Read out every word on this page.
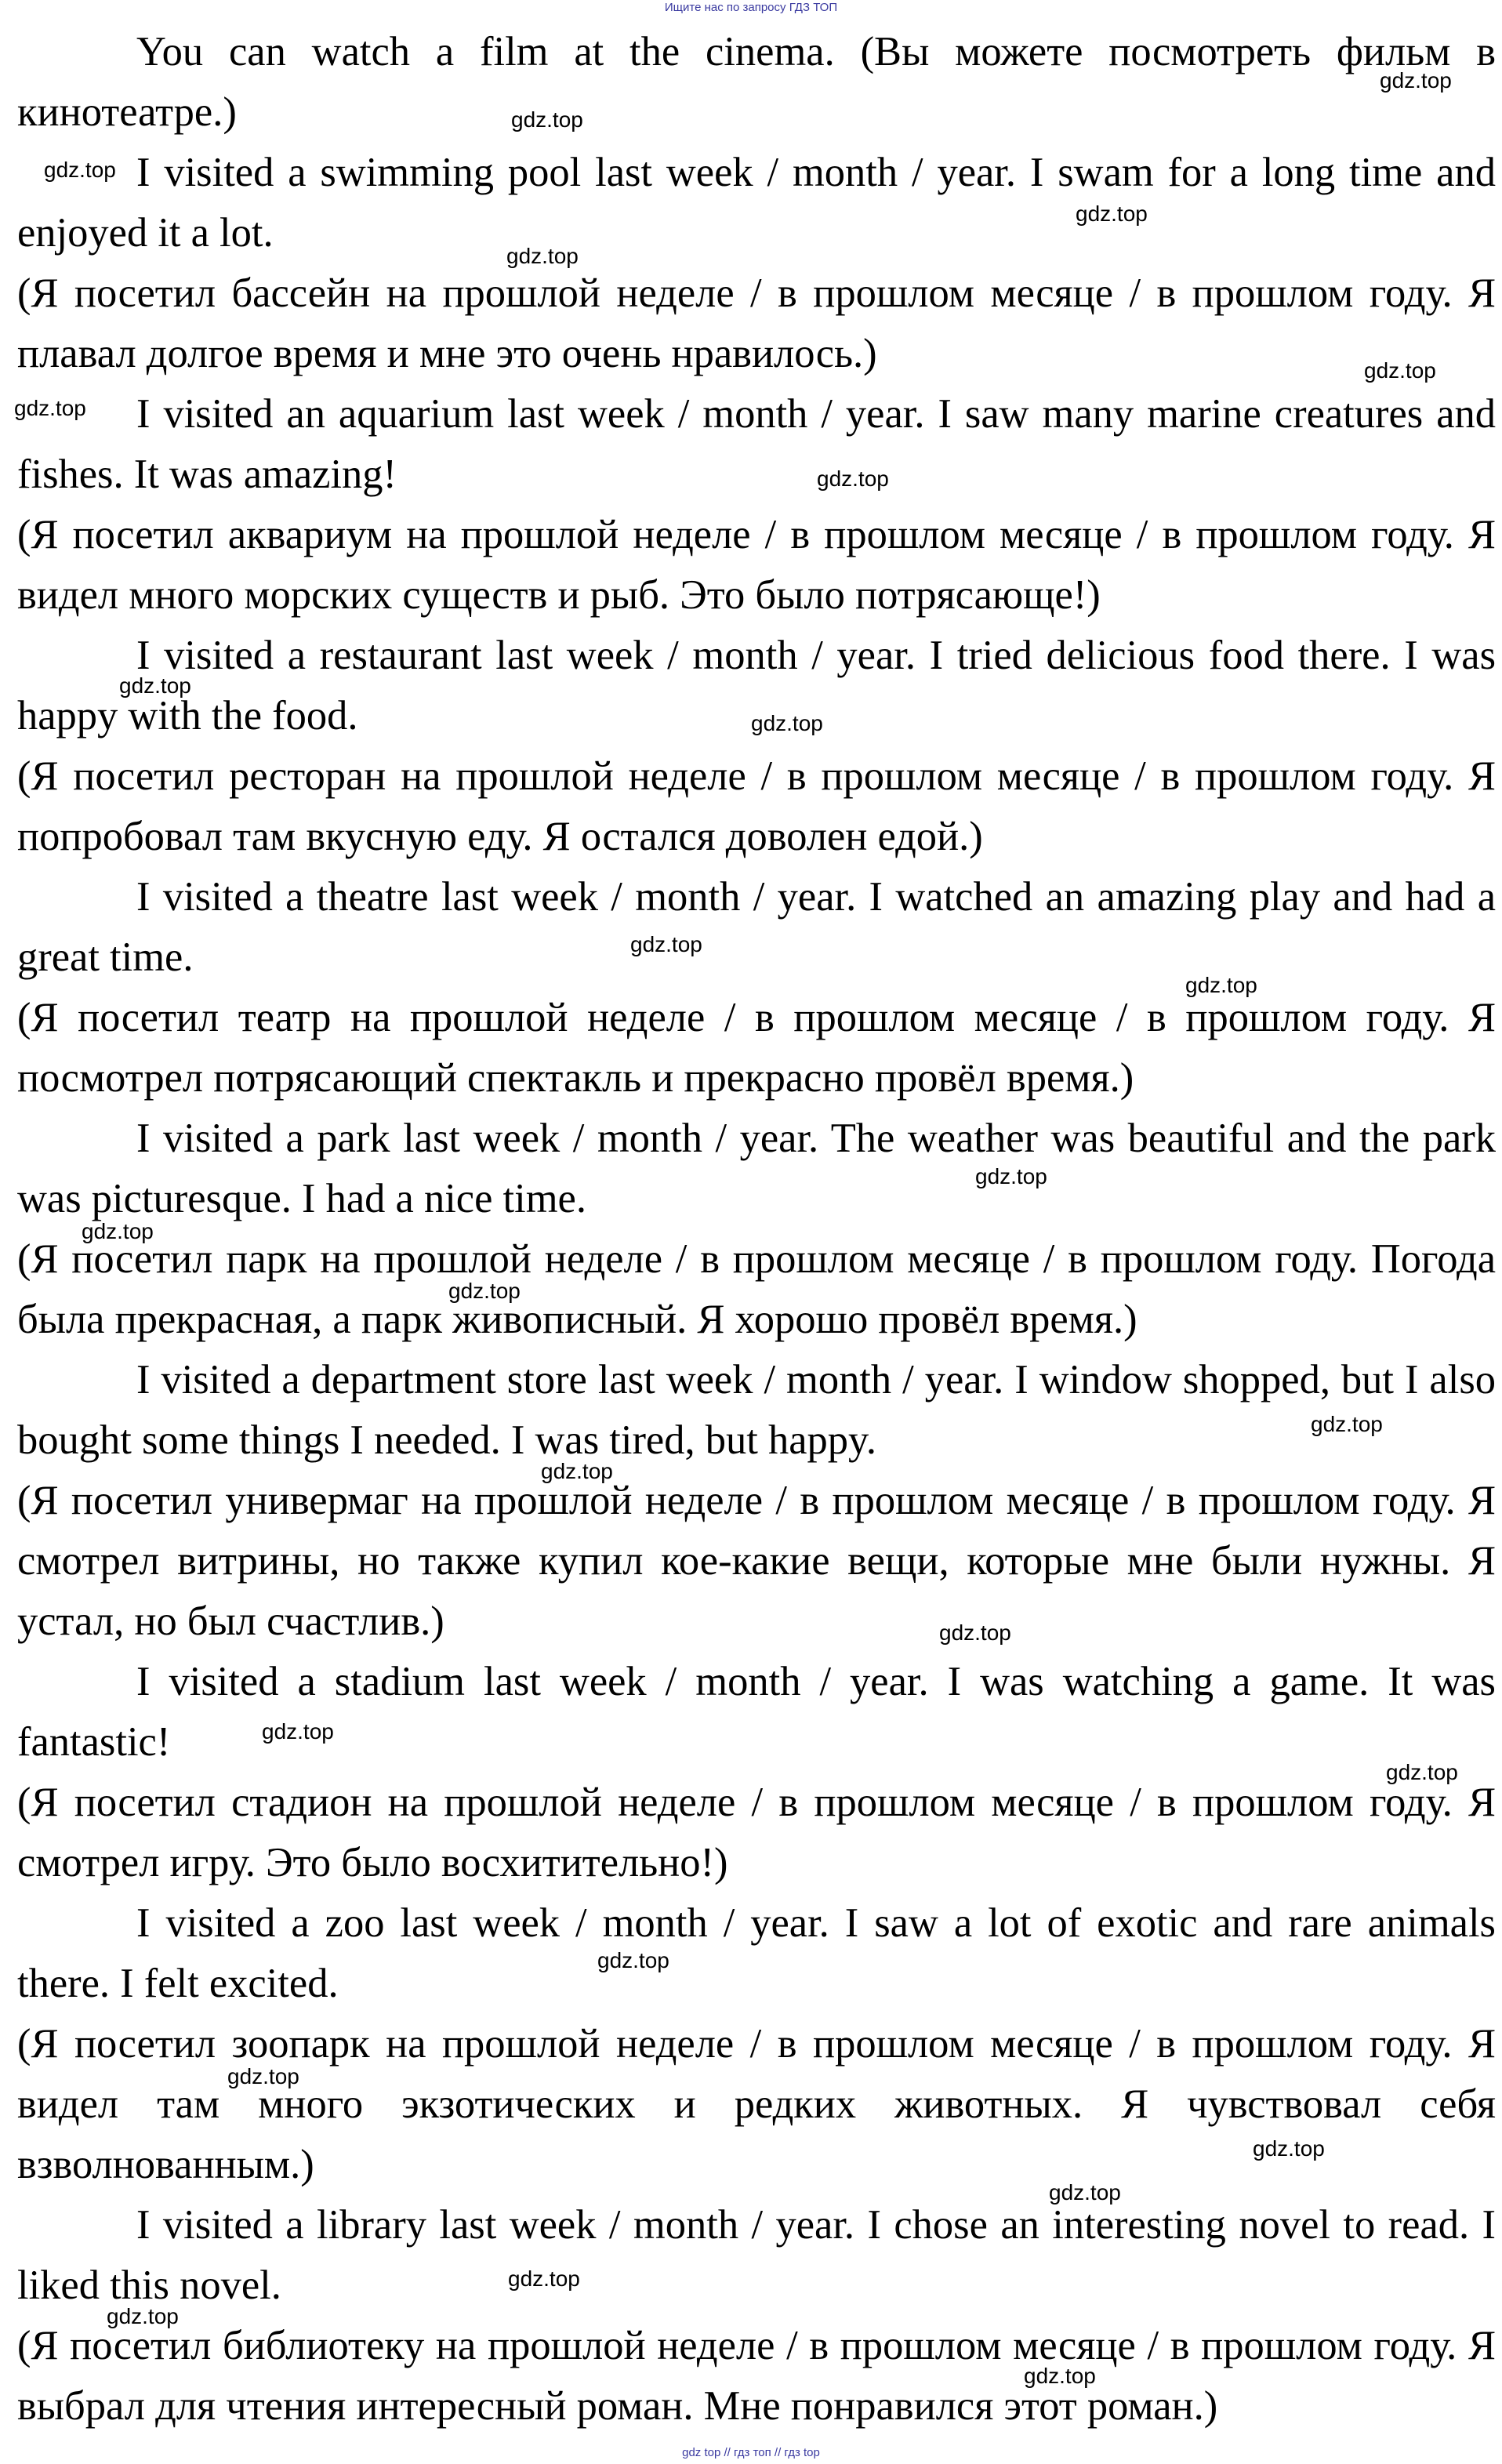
Ищите нас по запросу ГДЗ ТОП

You can watch a film at the cinema. (Вы можете посмотреть фильм в кинотеатре.)

I visited a swimming pool last week / month / year. I swam for a long time and enjoyed it a lot.

(Я посетил бассейн на прошлой неделе / в прошлом месяце / в прошлом году. Я плавал долгое время и мне это очень нравилось.)

I visited an aquarium last week / month / year. I saw many marine creatures and fishes. It was amazing!

(Я посетил аквариум на прошлой неделе / в прошлом месяце / в прошлом году. Я видел много морских существ и рыб. Это было потрясающе!)

I visited a restaurant last week / month / year. I tried delicious food there. I was happy with the food.

(Я посетил ресторан на прошлой неделе / в прошлом месяце / в прошлом году. Я попробовал там вкусную еду. Я остался доволен едой.)

I visited a theatre last week / month / year. I watched an amazing play and had a great time.

(Я посетил театр на прошлой неделе / в прошлом месяце / в прошлом году. Я посмотрел потрясающий спектакль и прекрасно провёл время.)

I visited a park last week / month / year. The weather was beautiful and the park was picturesque. I had a nice time.

(Я посетил парк на прошлой неделе / в прошлом месяце / в прошлом году. Погода была прекрасная, а парк живописный. Я хорошо провёл время.)

I visited a department store last week / month / year. I window shopped, but I also bought some things I needed. I was tired, but happy.

(Я посетил универмаг на прошлой неделе / в прошлом месяце / в прошлом году. Я смотрел витрины, но также купил кое-какие вещи, которые мне были нужны. Я устал, но был счастлив.)

I visited a stadium last week / month / year. I was watching a game. It was fantastic!

(Я посетил стадион на прошлой неделе / в прошлом месяце / в прошлом году. Я смотрел игру. Это было восхитительно!)

I visited a zoo last week / month / year. I saw a lot of exotic and rare animals there. I felt excited.

(Я посетил зоопарк на прошлой неделе / в прошлом месяце / в прошлом году. Я видел там много экзотических и редких животных. Я чувствовал себя взволнованным.)

I visited a library last week / month / year. I chose an interesting novel to read. I liked this novel.

(Я посетил библиотеку на прошлой неделе / в прошлом месяце / в прошлом году. Я выбрал для чтения интересный роман. Мне понравился этот роман.)

gdz.top
gdz.top
gdz.top
gdz.top
gdz.top
gdz.top
gdz.top
gdz.top
gdz.top
gdz.top
gdz.top
gdz.top
gdz.top
gdz.top
gdz.top
gdz.top
gdz.top
gdz.top
gdz.top
gdz.top
gdz.top
gdz.top
gdz.top
gdz.top
gdz.top
gdz.top
gdz.top
gdz top // гдз топ // гдз top
